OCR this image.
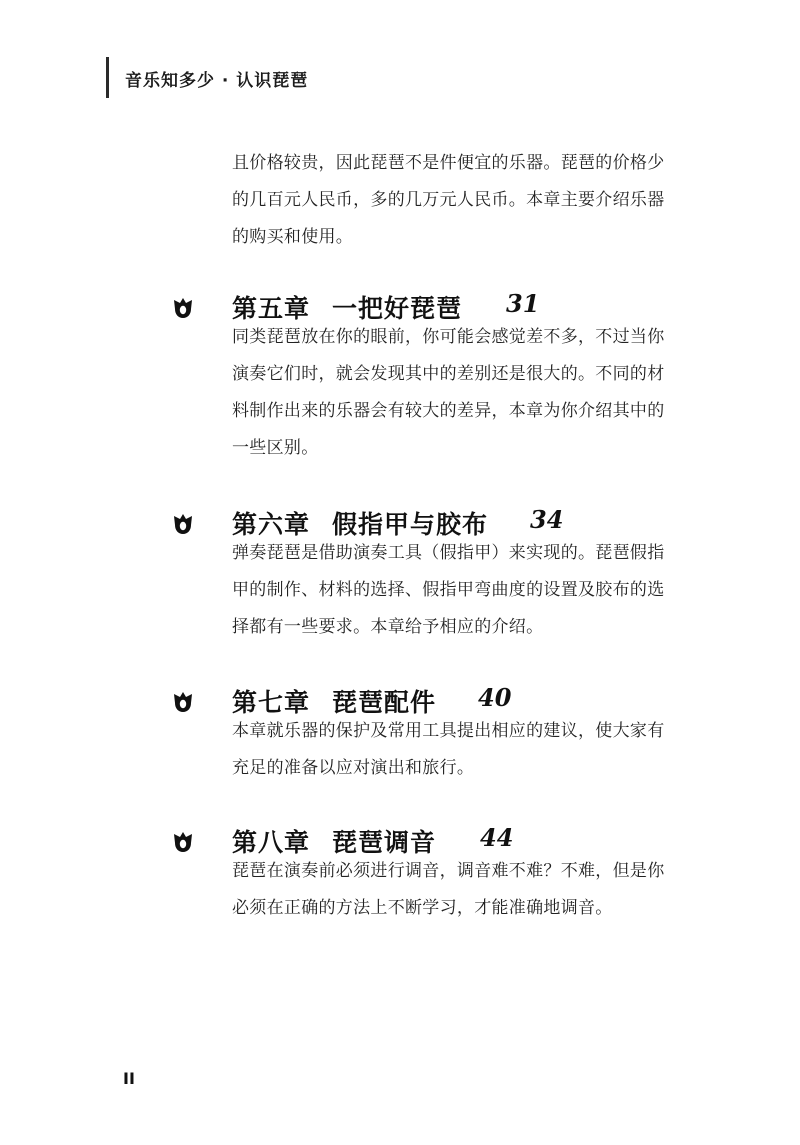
音乐知多少 · 认识琵琶
且价格较贵，因此琵琶不是件便宜的乐器。琵琶的价格少的几百元人民币，多的几万元人民币。本章主要介绍乐器的购买和使用。
第五章 一把好琵琶 31
同类琵琶放在你的眼前，你可能会感觉差不多，不过当你演奏它们时，就会发现其中的差别还是很大的。不同的材料制作出来的乐器会有较大的差异，本章为你介绍其中的一些区别。
第六章 假指甲与胶布 34
弹奏琵琶是借助演奏工具（假指甲）来实现的。琵琶假指甲的制作、材料的选择、假指甲弯曲度的设置及胶布的选择都有一些要求。本章给予相应的介绍。
第七章 琵琶配件 40
本章就乐器的保护及常用工具提出相应的建议，使大家有充足的准备以应对演出和旅行。
第八章 琵琶调音 44
琵琶在演奏前必须进行调音，调音难不难？不难，但是你必须在正确的方法上不断学习，才能准确地调音。
II
